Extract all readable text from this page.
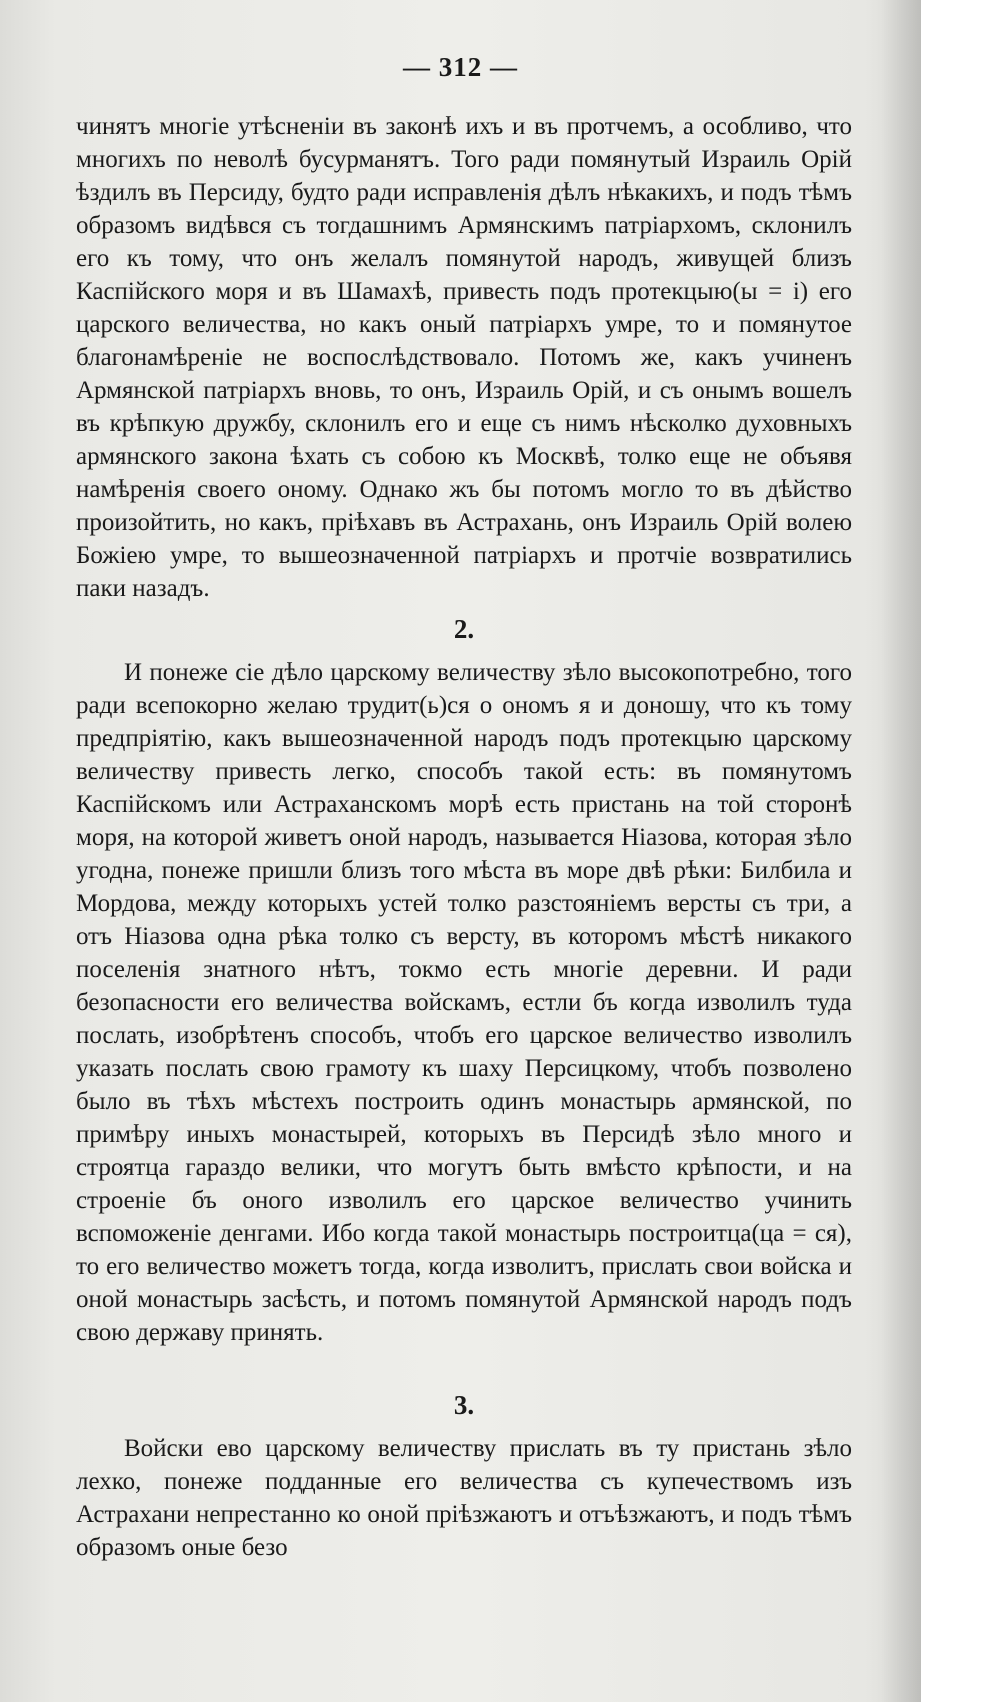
— 312 —

чинятъ многіе утѣсненіи въ законѣ ихъ и въ протчемъ, а особливо, что многихъ по неволѣ бусурманятъ. Того ради помянутый Израиль Орій ѣздилъ въ Персиду, будто ради исправленія дѣлъ нѣкакихъ, и подъ тѣмъ образомъ видѣвся съ тогдашнимъ Армянскимъ патріархомъ, склонилъ его къ тому, что онъ желалъ помянутой народъ, живущей близъ Каспійского моря и въ Шамахѣ, привесть подъ протекцыю(ы = і) его царского величества, но какъ оный патріархъ умре, то и помянутое благонамѣреніе не воспослѣдствовало. Потомъ же, какъ учиненъ Армянской патріархъ вновь, то онъ, Израиль Орій, и съ онымъ вошелъ въ крѣпкую дружбу, склонилъ его и еще съ нимъ нѣсколко духовныхъ армянского закона ѣхать съ собою къ Москвѣ, толко еще не объявя намѣренія своего оному. Однако жъ бы потомъ могло то въ дѣйство произойтить, но какъ, пріѣхавъ въ Астрахань, онъ Израиль Орій волею Божіею умре, то вышеозначенной патріархъ и протчіе возвратились паки назадъ.

2.

И понеже сіе дѣло царскому величеству зѣло высокопотребно, того ради всепокорно желаю трудит(ь)ся о ономъ я и доношу, что къ тому предпріятію, какъ вышеозначенной народъ подъ протекцыю царскому величеству привесть легко, способъ такой есть: въ помянутомъ Каспійскомъ или Астраханскомъ морѣ есть пристань на той сторонѣ моря, на которой живетъ оной народъ, называется Ніазова, которая зѣло угодна, понеже пришли близъ того мѣста въ море двѣ рѣки: Билбила и Мордова, между которыхъ устей толко разстояніемъ версты съ три, а отъ Ніазова одна рѣка толко съ версту, въ которомъ мѣстѣ никакого поселенія знатного нѣтъ, токмо есть многіе деревни. И ради безопасности его величества войскамъ, естли бъ когда изволилъ туда послать, изобрѣтенъ способъ, чтобъ его царское величество изволилъ указать послать свою грамоту къ шаху Персицкому, чтобъ позволено было въ тѣхъ мѣстехъ построить одинъ монастырь армянской, по примѣру иныхъ монастырей, которыхъ въ Персидѣ зѣло много и строятца гараздо велики, что могутъ быть вмѣсто крѣпости, и на строеніе бъ оного изволилъ его царское величество учинить вспоможеніе денгами. Ибо когда такой монастырь построитца(ца = ся), то его величество можетъ тогда, когда изволитъ, прислать свои войска и оной монастырь засѣсть, и потомъ помянутой Армянской народъ подъ свою державу принять.

3.

Войски ево царскому величеству прислать въ ту пристань зѣло лехко, понеже подданные его величества съ купечествомъ изъ Астрахани непрестанно ко оной пріѣзжаютъ и отъѣзжаютъ, и подъ тѣмъ образомъ оные безо
